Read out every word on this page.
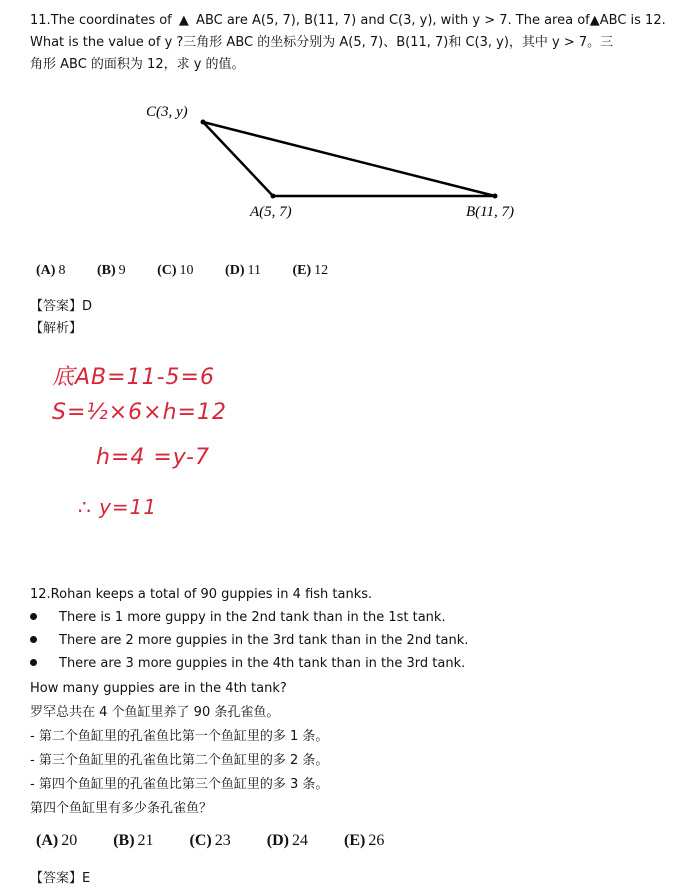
11.The coordinates of ▲ ABC are A(5, 7), B(11, 7) and C(3, y), with y > 7. The area of▲ABC is 12.
What is the value of y ?三角形 ABC 的坐标分别为 A(5, 7)、B(11, 7)和 C(3, y)，其中 y > 7。三
角形 ABC 的面积为 12，求 y 的值。
C(3, y)
A(5, 7)	B(11, 7)
(A) 8 (B) 9 (C) 10 (D) 11 (E) 12
【答案】D
【解析】
底AB=11-5=6
S=½×6×h=12
h=4 =y-7
∴ y=11
12.Rohan keeps a total of 90 guppies in 4 fish tanks.
There is 1 more guppy in the 2nd tank than in the 1st tank.
There are 2 more guppies in the 3rd tank than in the 2nd tank.
There are 3 more guppies in the 4th tank than in the 3rd tank.
How many guppies are in the 4th tank?
罗罕总共在 4 个鱼缸里养了 90 条孔雀鱼。
- 第二个鱼缸里的孔雀鱼比第一个鱼缸里的多 1 条。
- 第三个鱼缸里的孔雀鱼比第二个鱼缸里的多 2 条。
- 第四个鱼缸里的孔雀鱼比第三个鱼缸里的多 3 条。
第四个鱼缸里有多少条孔雀鱼？
(A) 20 (B) 21 (C) 23 (D) 24 (E) 26
【答案】E
